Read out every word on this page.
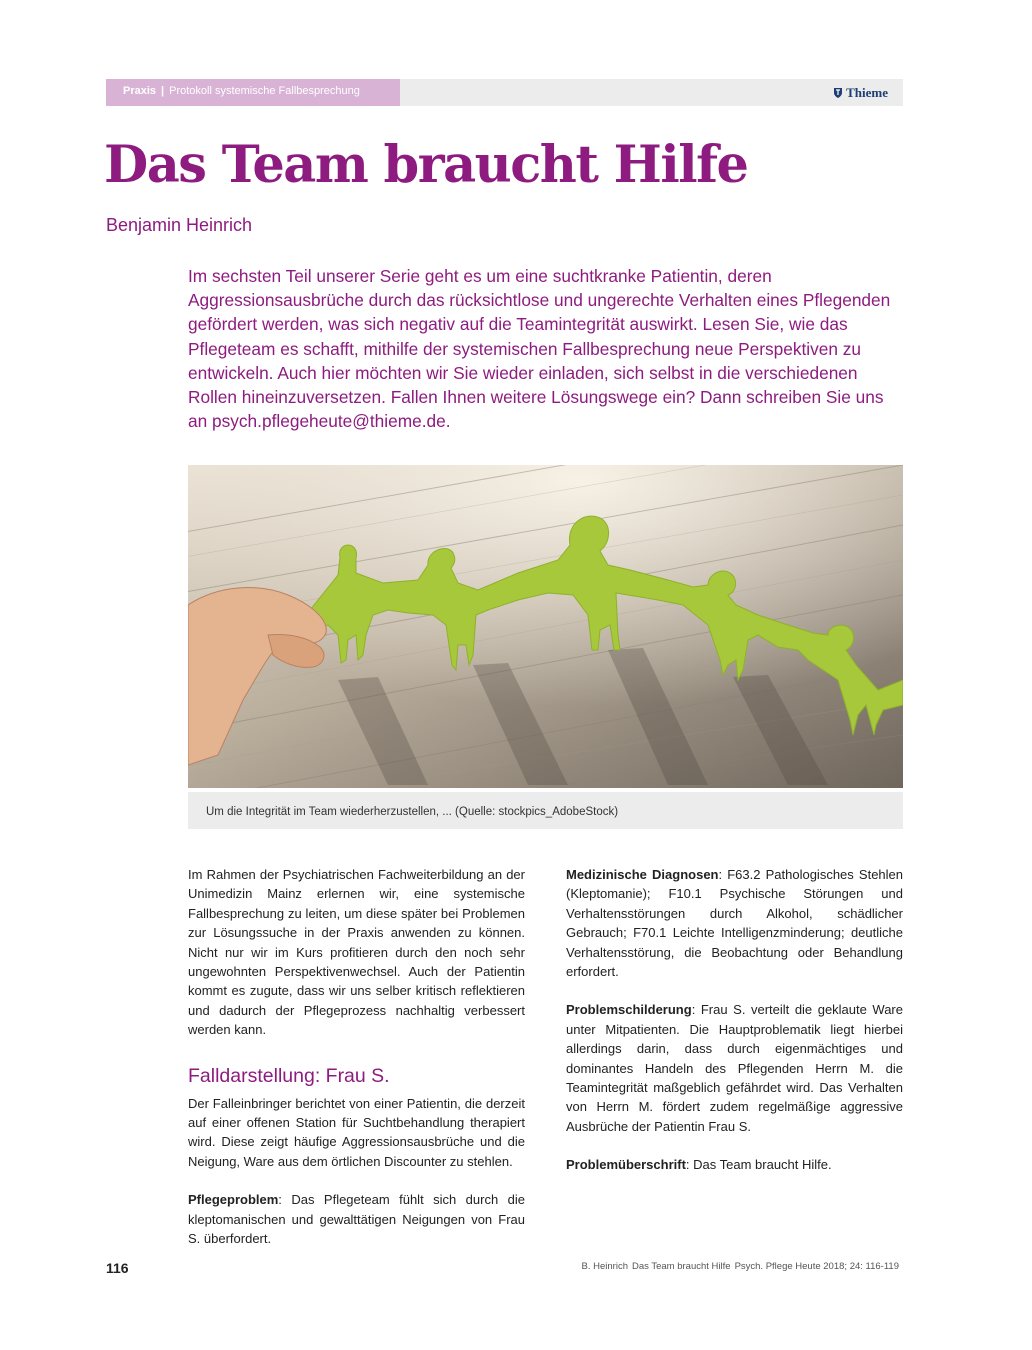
Praxis | Protokoll systemische Fallbesprechung	Thieme
Das Team braucht Hilfe
Benjamin Heinrich

Im sechsten Teil unserer Serie geht es um eine suchtkranke Patientin, deren Aggressionsausbrüche durch das rücksichtlose und ungerechte Verhalten eines Pflegenden gefördert werden, was sich negativ auf die Teamintegrität auswirkt. Lesen Sie, wie das Pflegeteam es schafft, mithilfe der systemischen Fallbesprechung neue Perspektiven zu entwickeln. Auch hier möchten wir Sie wieder einladen, sich selbst in die verschiedenen Rollen hineinzuversetzen. Fallen Ihnen weitere Lösungswege ein? Dann schreiben Sie uns an psych.pflegeheute@thieme.de.

Um die Integrität im Team wiederherzustellen, ... (Quelle: stockpics_AdobeStock)

Im Rahmen der Psychiatrischen Fachweiterbildung an der Unimedizin Mainz erlernen wir, eine systemische Fallbesprechung zu leiten, um diese später bei Problemen zur Lösungssuche in der Praxis anwenden zu können. Nicht nur wir im Kurs profitieren durch den noch sehr ungewohnten Perspektivenwechsel. Auch der Patientin kommt es zugute, dass wir uns selber kritisch reflektieren und dadurch der Pflegeprozess nachhaltig verbessert werden kann.

Falldarstellung: Frau S.

Der Falleinbringer berichtet von einer Patientin, die derzeit auf einer offenen Station für Suchtbehandlung therapiert wird. Diese zeigt häufige Aggressionsausbrüche und die Neigung, Ware aus dem örtlichen Discounter zu stehlen.

Pflegeproblem: Das Pflegeteam fühlt sich durch die kleptomanischen und gewalttätigen Neigungen von Frau S. überfordert.

Medizinische Diagnosen: F63.2 Pathologisches Stehlen (Kleptomanie); F10.1 Psychische Störungen und Verhaltensstörungen durch Alkohol, schädlicher Gebrauch; F70.1 Leichte Intelligenzminderung; deutliche Verhaltensstörung, die Beobachtung oder Behandlung erfordert.

Problemschilderung: Frau S. verteilt die geklaute Ware unter Mitpatienten. Die Hauptproblematik liegt hierbei allerdings darin, dass durch eigenmächtiges und dominantes Handeln des Pflegenden Herrn M. die Teamintegrität maßgeblich gefährdet wird. Das Verhalten von Herrn M. fördert zudem regelmäßige aggressive Ausbrüche der Patientin Frau S.

Problemüberschrift: Das Team braucht Hilfe.

116	B. Heinrich Das Team braucht Hilfe Psych. Pflege Heute 2018; 24: 116-119
